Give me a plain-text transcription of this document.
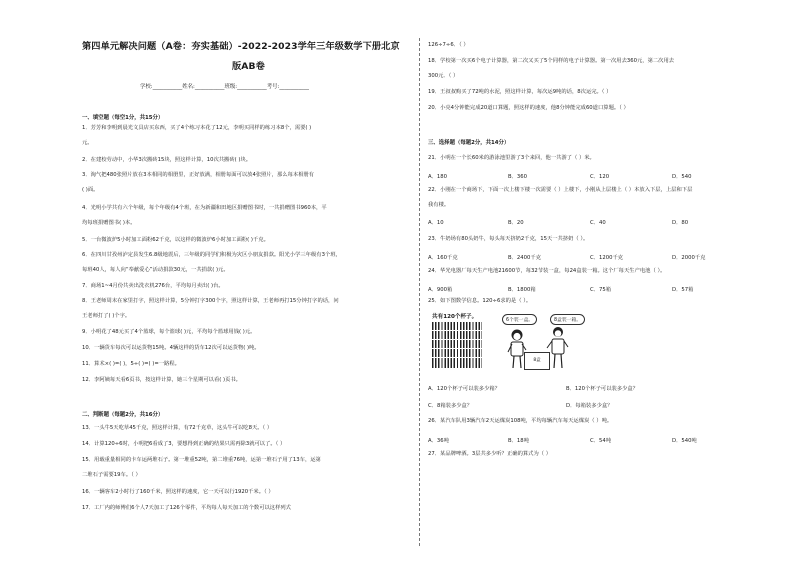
第四单元解决问题（A卷：夯实基础）-2022-2023学年三年级数学下册北京
版AB卷
学校:___________姓名:___________班级:___________考号:___________
一、填空题（每空1分，共15分）
1．芳芳和李明到晨光文具店买东西，买了4个练习本花了12元，李明买同样的练习本8个，需要( )
元。
2．在建校劳动中，小华3次搬砖15块，照这样计算，10次共搬砖( )块。
3．淘气把480张照片放在3本相同的相册里，正好放满，相册每面可以放4张照片，那么每本相册有
( )面。
4．光明小学共有六个年级，每个年级有4个班，在为新疆和田地区捐赠图书时，一共捐赠图书960本，平
均每班捐赠图书( )本。
5．一台微波炉5小时加工面粉62千克，以这样的微波炉6小时加工面粉( )千克。
6．在四川甘孜州泸定县发生6.8级地震后，三年级的同学们积极为灾区小朋友捐款。阳光小学三年级有3个班，
每班40人，每人向“奉献爱心”活动捐款30元，一共捐款( )元。
7．商场1~4月份共卖出洗衣机276台，平均每月卖出( )台。
8．王老师周末在家里打字，照这样计算，5分钟打字300个字，照这样计算，王老师再打15分钟打字的话，问
王老师打了( )个字。
9．小明花了48元买了4个篮球，每个篮球( )元，平均每个篮球用钱( )元。
10．一辆货车每次可以运货物15吨。4辆这样的货车12次可以运货物( )吨。
11．算术×( )=( )，5÷( )=( )=一路程。
12．李阿姨每天看6页书，按这样计算，她三个星期可以看( )页书。
二、判断题（每题2分，共16分）
13．一头牛5天吃草45千克，照这样计算，有72千克草，这头牛可以吃8天。（ ）
14．计算120÷6时，小明把6看成了3，要想得到正确的结果只需再除3就可以了。（ ）
15．用载重量相同的卡车运两堆石子。第一堆重52吨，第二堆重76吨，运第一堆石子用了13车，运第
二堆石子需要19车。（ ）
16．一辆客车2小时行了160千米，照这样的速度，它一天可以行1920千米。（ ）
17．工厂内的师傅们6个人7天加工了126个零件，平均每人每天加工的个数可以这样列式
126÷7÷6．（ ）
18．学校第一次买6个电子计算器，第二次又买了5个同样的电子计算器。第一次用去360元，第二次用去
300元．（ ）
19．王叔叔购买了72吨的水泥，照这样计算，每次运9吨的话，8次运完。（ ）
20．小亮4分钟能完成20道口算题，照这样的速度，他8分钟能完成60道口算题。（ ）
三、选择题（每题2分，共14分）
21．小明在一个长60米的游泳池里游了3个来回，他一共游了（ ）米。
A．180	B．360	C．120	D．540
22．小刚在一个商场下，下面一次上楼下楼一次需要（ ）上楼下，小刚从上层楼上（ ）本放入下层，上层和下层
我有楼。
A．10	B．20	C．40	D．80
23．牛奶场有80头奶牛，每头每天挤奶2千克，15天一共挤奶（ ）。
A．160千克	B．2400千克	C．1200千克	D．2000千克
24．华光电器厂每天生产电池21600节，每32节装一盒，每24盒装一箱。这个厂每天生产电池（ ）。
A．900箱	B．1800箱	C．75箱	D．57箱
25．如下图数学信息。120÷6求的是（ ）。
共有120个杯子。
6个装一盒。	8盒装一箱。
8盒
A．120个杯子可以装多少箱？	B．120个杯子可以装多少盒？
C．8箱装多少盒？	D．每箱装多少盒？
26．某汽车队用3辆汽车2天运煤炭108吨，平均每辆汽车每天运煤炭（ ）吨。
A．36吨	B．18吨	C．54吨	D．540吨
27．某品牌啤酒。3层共多少听？正确的算式为（ ）
